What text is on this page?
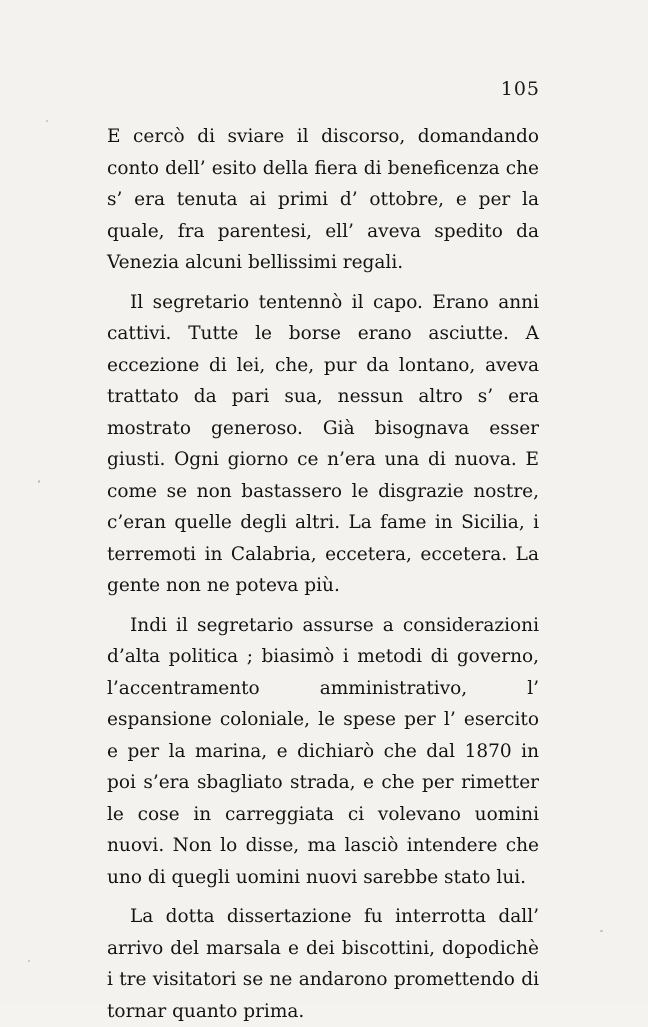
105

E cercò di sviare il discorso, domandando conto dell’ esito della fiera di beneficenza che s’ era tenuta ai primi d’ ottobre, e per la quale, fra parentesi, ell’ aveva spedito da Venezia alcuni bellissimi regali.

Il segretario tentennò il capo. Erano anni cattivi. Tutte le borse erano asciutte. A eccezione di lei, che, pur da lontano, aveva trattato da pari sua, nessun altro s’ era mostrato generoso. Già bisognava esser giusti. Ogni giorno ce n’era una di nuova. E come se non bastassero le disgrazie nostre, c’eran quelle degli altri. La fame in Sicilia, i terremoti in Calabria, eccetera, eccetera. La gente non ne poteva più.

Indi il segretario assurse a considerazioni d’alta politica ; biasimò i metodi di governo, l’accentramento amministrativo, l’ espansione coloniale, le spese per l’ esercito e per la marina, e dichiarò che dal 1870 in poi s’era sbagliato strada, e che per rimetter le cose in carreggiata ci volevano uomini nuovi. Non lo disse, ma lasciò intendere che uno di quegli uomini nuovi sarebbe stato lui.

La dotta dissertazione fu interrotta dall’ arrivo del marsala e dei biscottini, dopodichè i tre visitatori se ne andarono promettendo di tornar quanto prima.
